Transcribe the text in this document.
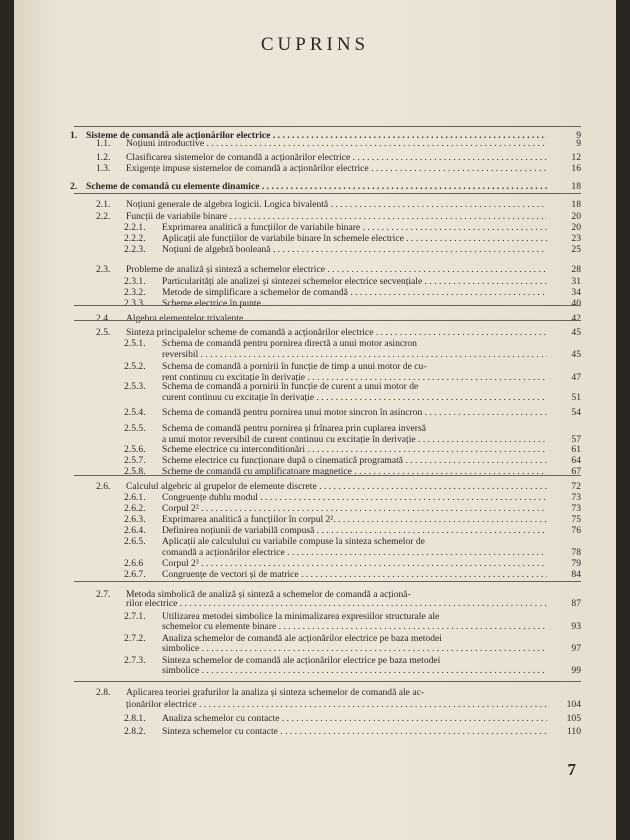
CUPRINS
1. Sisteme de comandă ale acționărilor electrice . . .	9
1.1. Noțiuni introductive . . .	9
1.2. Clasificarea sistemelor de comandă a acționărilor electrice . . .	12
1.3. Exigențe impuse sistemelor de comandă a acționărilor electrice . . .	16
2. Scheme de comandă cu elemente dinamice . . .	18
2.1. Noțiuni generale de algebra logicii. Logica bivalentă . . .	18
2.2. Funcții de variabile binare . . .	20
2.2.1. Exprimarea analitică a funcțiilor de variabile binare . . .	20
2.2.2. Aplicații ale funcțiilor de variabile binare în schemele electrice . . .	23
2.2.3. Noțiuni de algebră booleană . . .	25
2.3. Probleme de analiză și sinteză a schemelor electrice . . .	28
2.3.1. Particularități ale analizei și sintezei schemelor electrice secvențiale . . .	31
2.3.2. Metode de simplificare a schemelor de comandă . . .	34
2.3.3. Scheme electrice în punte . . .	40
2.4. Algebra elementelor trivalente . . .	42
2.5. Sinteza principalelor scheme de comandă a acționărilor electrice . . .	45
2.5.1. Schema de comandă pentru pornirea directă a unui motor asincron
reversibil . . .	45
2.5.2. Schema de comandă a pornirii în funcție de timp a unui motor de cu-
rent continuu cu excitație în derivație . . .	47
2.5.3. Schema de comandă a pornirii în funcție de curent a unui motor de
curent continuu cu excitație în derivație . . .	51
2.5.4. Schema de comandă pentru pornirea unui motor sincron în asincron . . .	54
2.5.5. Schema de comandă pentru pornirea și frînarea prin cuplarea inversă
a unui motor reversibil de curent continuu cu excitație în derivație . . .	57
2.5.6. Scheme electrice cu interconditionări . . .	61
2.5.7. Scheme electrice cu funcționare după o cinematică programată . . .	64
2.5.8. Scheme de comandă cu amplificatoare magnetice . . .	67
2.6. Calculul algebric al grupelor de elemente discrete . . .	72
2.6.1. Congruențe dublu modul . . .	73
2.6.2. Corpul 2² . . .	73
2.6.3. Exprimarea analitică a funcțiilor în corpul 2². . . .	75
2.6.4. Definirea noțiunii de variabilă compusă . . .	76
2.6.5. Aplicații ale calculului cu variabile compuse la sinteza schemelor de
comandă a acționărilor electrice . . .	78
2.6.6 Corpul 2³ . . .	79
2.6.7. Congruențe de vectori și de matrice . . .	84
2.7. Metoda simbolică de analiză și sinteză a schemelor de comandă a acționă-
rilor electrice . . .	87
2.7.1. Utilizarea metodei simbolice la minimalizarea expresiilor structurale ale
schemelor cu elemente binare . . .	93
2.7.2. Analiza schemelor de comandă ale acționărilor electrice pe baza metodei
simbolice . . .	97
2.7.3. Sinteza schemelor de comandă ale acționărilor electrice pe baza metodei
simbolice . . .	99
2.8. Aplicarea teoriei grafurilor la analiza și sinteza schemelor de comandă ale ac-
ționărilor electrice . . .	104
2.8.1. Analiza schemelor cu contacte . . .	105
2.8.2. Sinteza schemelor cu contacte . . .	110
7
